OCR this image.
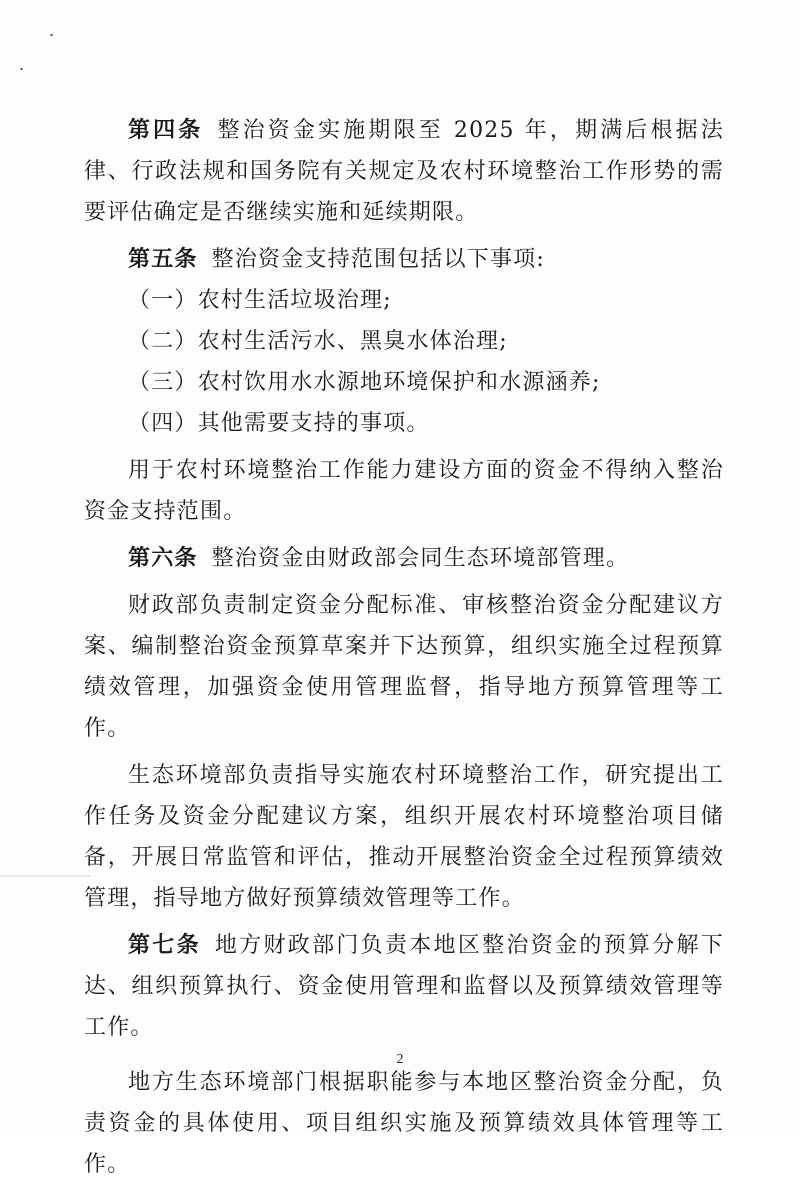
第四条 整治资金实施期限至 2025 年，期满后根据法律、行政法规和国务院有关规定及农村环境整治工作形势的需要评估确定是否继续实施和延续期限。

第五条 整治资金支持范围包括以下事项:

（一）农村生活垃圾治理;

（二）农村生活污水、黑臭水体治理;

（三）农村饮用水水源地环境保护和水源涵养;

（四）其他需要支持的事项。

用于农村环境整治工作能力建设方面的资金不得纳入整治资金支持范围。

第六条 整治资金由财政部会同生态环境部管理。

财政部负责制定资金分配标准、审核整治资金分配建议方案、编制整治资金预算草案并下达预算，组织实施全过程预算绩效管理，加强资金使用管理监督，指导地方预算管理等工作。

生态环境部负责指导实施农村环境整治工作，研究提出工作任务及资金分配建议方案，组织开展农村环境整治项目储备，开展日常监管和评估，推动开展整治资金全过程预算绩效管理，指导地方做好预算绩效管理等工作。

第七条 地方财政部门负责本地区整治资金的预算分解下达、组织预算执行、资金使用管理和监督以及预算绩效管理等工作。

地方生态环境部门根据职能参与本地区整治资金分配，负责资金的具体使用、项目组织实施及预算绩效具体管理等工作。

2
